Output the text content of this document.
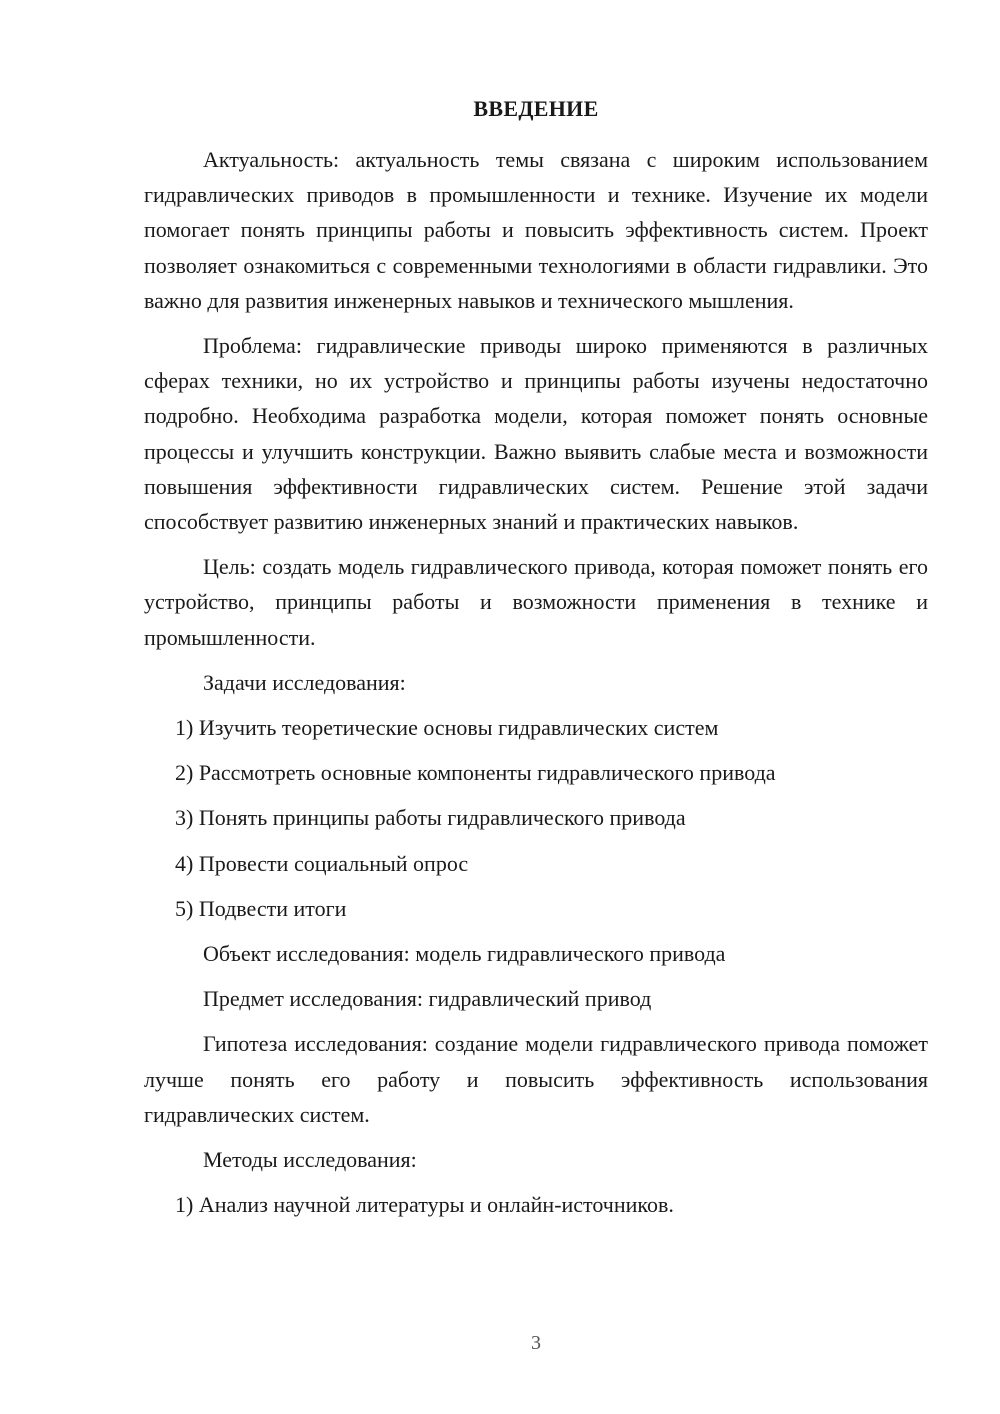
ВВЕДЕНИЕ

Актуальность: актуальность темы связана с широким использованием гидравлических приводов в промышленности и технике. Изучение их модели помогает понять принципы работы и повысить эффективность систем. Проект позволяет ознакомиться с современными технологиями в области гидравлики. Это важно для развития инженерных навыков и технического мышления.

Проблема: гидравлические приводы широко применяются в различных сферах техники, но их устройство и принципы работы изучены недостаточно подробно. Необходима разработка модели, которая поможет понять основные процессы и улучшить конструкции. Важно выявить слабые места и возможности повышения эффективности гидравлических систем. Решение этой задачи способствует развитию инженерных знаний и практических навыков.

Цель: создать модель гидравлического привода, которая поможет понять его устройство, принципы работы и возможности применения в технике и промышленности.

Задачи исследования:

1) Изучить теоретические основы гидравлических систем

2) Рассмотреть основные компоненты гидравлического привода

3) Понять принципы работы гидравлического привода

4) Провести социальный опрос

5) Подвести итоги

Объект исследования: модель гидравлического привода

Предмет исследования: гидравлический привод

Гипотеза исследования: создание модели гидравлического привода поможет лучше понять его работу и повысить эффективность использования гидравлических систем.

Методы исследования:

1) Анализ научной литературы и онлайн-источников.

3
